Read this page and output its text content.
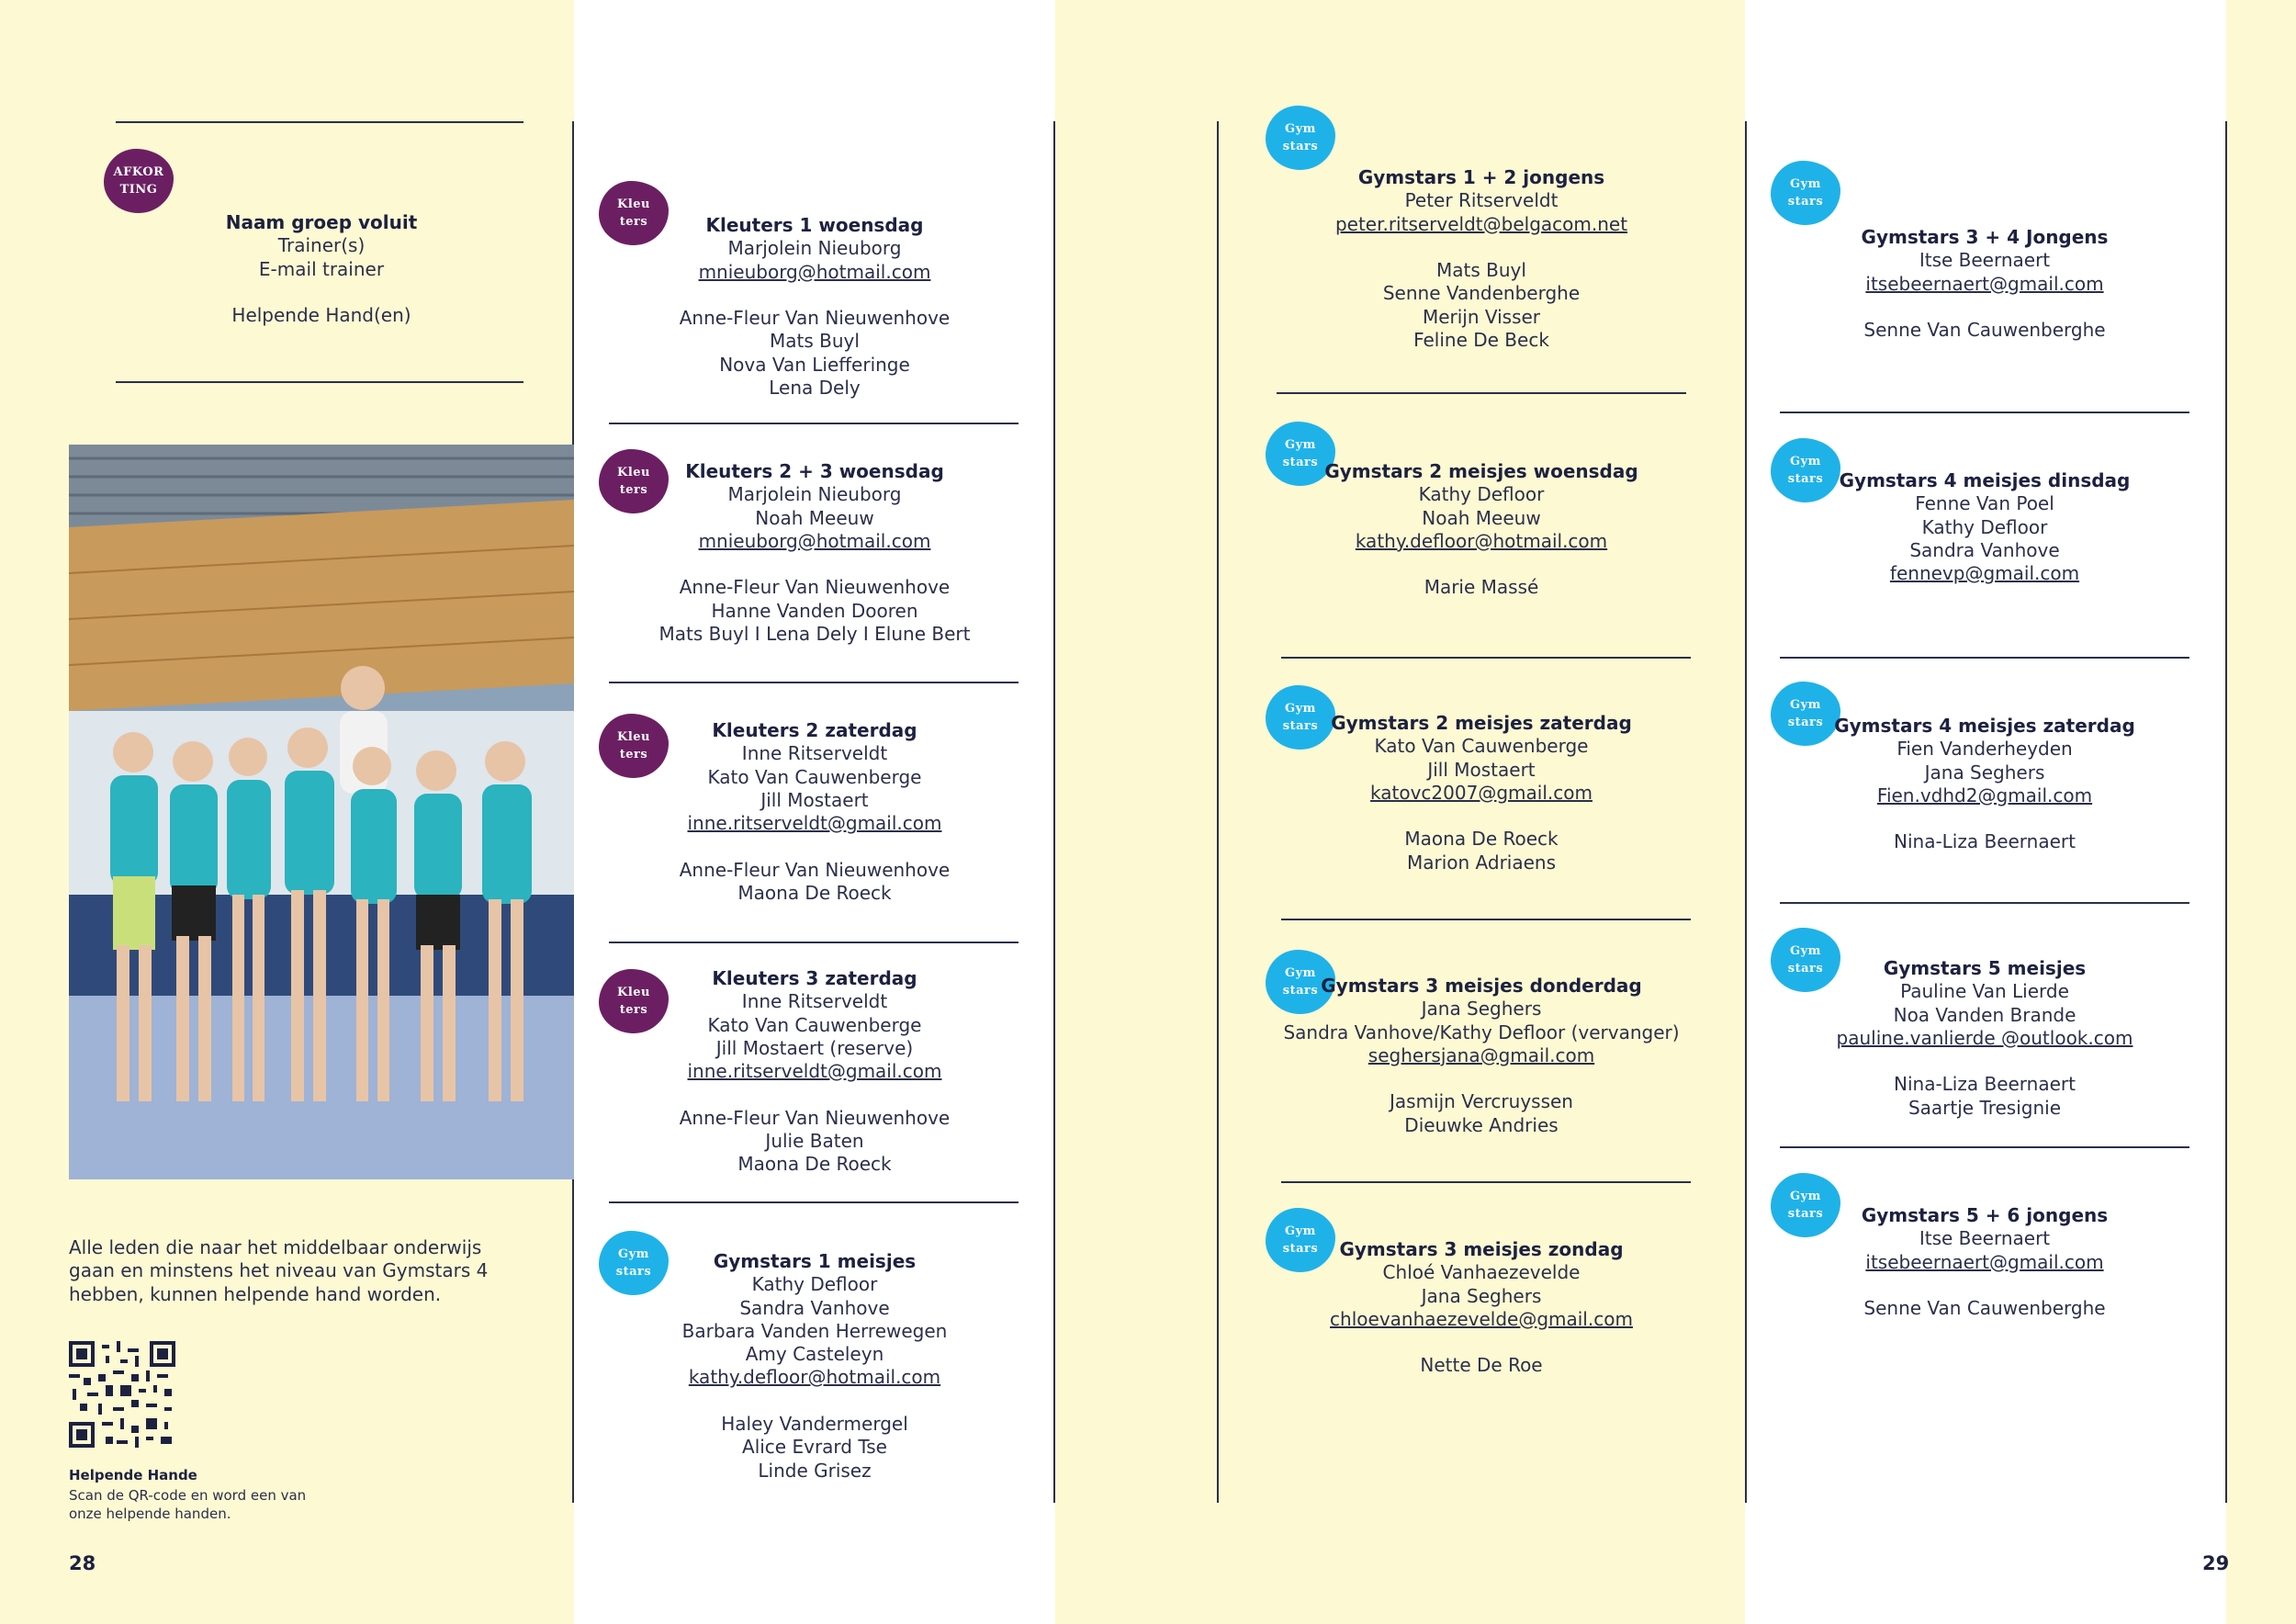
AFKOR TING
Naam groep voluit
Trainer(s)
E-mail trainer
Helpende Hand(en)
Alle leden die naar het middelbaar onderwijs gaan en minstens het niveau van Gymstars 4 hebben, kunnen helpende hand worden.
Helpende Hande
Scan de QR-code en word een van onze helpende handen.
28	29
Kleu ters
Kleu ters
Kleu ters
Kleu ters
Gym stars
Gym stars
Gym stars
Gym stars
Gym stars
Gym stars
Gym stars
Gym stars
Gym stars
Gym stars
Gym stars
Kleuters 1 woensdag
Marjolein Nieuborg
mnieuborg@hotmail.com
Anne-Fleur Van Nieuwenhove
Mats Buyl
Nova Van Liefferinge
Lena Dely
Kleuters 2 + 3 woensdag
Marjolein Nieuborg
Noah Meeuw
mnieuborg@hotmail.com
Anne-Fleur Van Nieuwenhove
Hanne Vanden Dooren
Mats Buyl I Lena Dely I Elune Bert
Kleuters 2 zaterdag
Inne Ritserveldt
Kato Van Cauwenberge
Jill Mostaert
inne.ritserveldt@gmail.com
Anne-Fleur Van Nieuwenhove
Maona De Roeck
Kleuters 3 zaterdag
Inne Ritserveldt
Kato Van Cauwenberge
Jill Mostaert (reserve)
inne.ritserveldt@gmail.com
Anne-Fleur Van Nieuwenhove
Julie Baten
Maona De Roeck
Gymstars 1 meisjes
Kathy Defloor
Sandra Vanhove
Barbara Vanden Herrewegen
Amy Casteleyn
kathy.defloor@hotmail.com
Haley Vandermergel
Alice Evrard Tse
Linde Grisez
Gymstars 1 + 2 jongens
Peter Ritserveldt
peter.ritserveldt@belgacom.net
Mats Buyl
Senne Vandenberghe
Merijn Visser
Feline De Beck
Gymstars 2 meisjes woensdag
Kathy Defloor
Noah Meeuw
kathy.defloor@hotmail.com
Marie Massé
Gymstars 2 meisjes zaterdag
Kato Van Cauwenberge
Jill Mostaert
katovc2007@gmail.com
Maona De Roeck
Marion Adriaens
Gymstars 3 meisjes donderdag
Jana Seghers
Sandra Vanhove/Kathy Defloor (vervanger)
seghersjana@gmail.com
Jasmijn Vercruyssen
Dieuwke Andries
Gymstars 3 meisjes zondag
Chloé Vanhaezevelde
Jana Seghers
chloevanhaezevelde@gmail.com
Nette De Roe
Gymstars 3 + 4 Jongens
Itse Beernaert
itsebeernaert@gmail.com
Senne Van Cauwenberghe
Gymstars 4 meisjes dinsdag
Fenne Van Poel
Kathy Defloor
Sandra Vanhove
fennevp@gmail.com
Gymstars 4 meisjes zaterdag
Fien Vanderheyden
Jana Seghers
Fien.vdhd2@gmail.com
Nina-Liza Beernaert
Gymstars 5 meisjes
Pauline Van Lierde
Noa Vanden Brande
pauline.vanlierde @outlook.com
Nina-Liza Beernaert
Saartje Tresignie
Gymstars 5 + 6 jongens
Itse Beernaert
itsebeernaert@gmail.com
Senne Van Cauwenberghe
